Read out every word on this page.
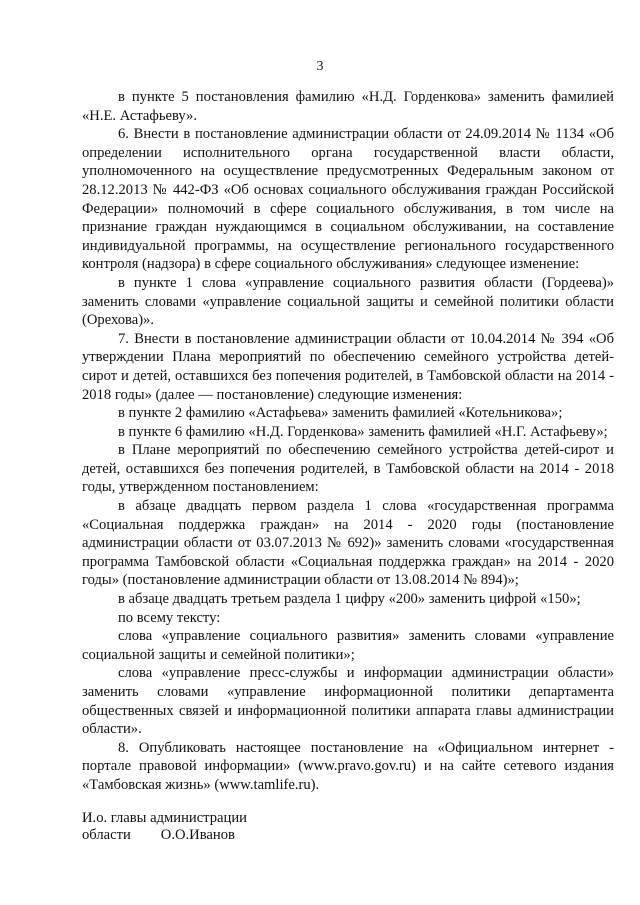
3

в пункте 5 постановления фамилию «Н.Д. Горденкова» заменить фамилией «Н.Е. Астафьеву».

6. Внести в постановление администрации области от 24.09.2014 № 1134 «Об определении исполнительного органа государственной власти области, уполномоченного на осуществление предусмотренных Федеральным законом от 28.12.2013 № 442-ФЗ «Об основах социального обслуживания граждан Российской Федерации» полномочий в сфере социального обслуживания, в том числе на признание граждан нуждающимся в социальном обслуживании, на составление индивидуальной программы, на осуществление регионального государственного контроля (надзора) в сфере социального обслуживания» следующее изменение:

в пункте 1 слова «управление социального развития области (Гордеева)» заменить словами «управление социальной защиты и семейной политики области (Орехова)».

7. Внести в постановление администрации области от 10.04.2014 № 394 «Об утверждении Плана мероприятий по обеспечению семейного устройства детей-сирот и детей, оставшихся без попечения родителей, в Тамбовской области на 2014 - 2018 годы» (далее — постановление) следующие изменения:

в пункте 2 фамилию «Астафьева» заменить фамилией «Котельникова»;

в пункте 6 фамилию «Н.Д. Горденкова» заменить фамилией «Н.Г. Астафьеву»;

в Плане мероприятий по обеспечению семейного устройства детей-сирот и детей, оставшихся без попечения родителей, в Тамбовской области на 2014 - 2018 годы, утвержденном постановлением:

в абзаце двадцать первом раздела 1 слова «государственная программа «Социальная поддержка граждан» на 2014 - 2020 годы (постановление администрации области от 03.07.2013 № 692)» заменить словами «государственная программа Тамбовской области «Социальная поддержка граждан» на 2014 - 2020 годы» (постановление администрации области от 13.08.2014 № 894)»;

в абзаце двадцать третьем раздела 1 цифру «200» заменить цифрой «150»;

по всему тексту:

слова «управление социального развития» заменить словами «управление социальной защиты и семейной политики»;

слова «управление пресс-службы и информации администрации области» заменить словами «управление информационной политики департамента общественных связей и информационной политики аппарата главы администрации области».

8. Опубликовать настоящее постановление на «Официальном интернет - портале правовой информации» (www.pravo.gov.ru) и на сайте сетевого издания «Тамбовская жизнь» (www.tamlife.ru).

И.о. главы администрации
области О.О.Иванов
